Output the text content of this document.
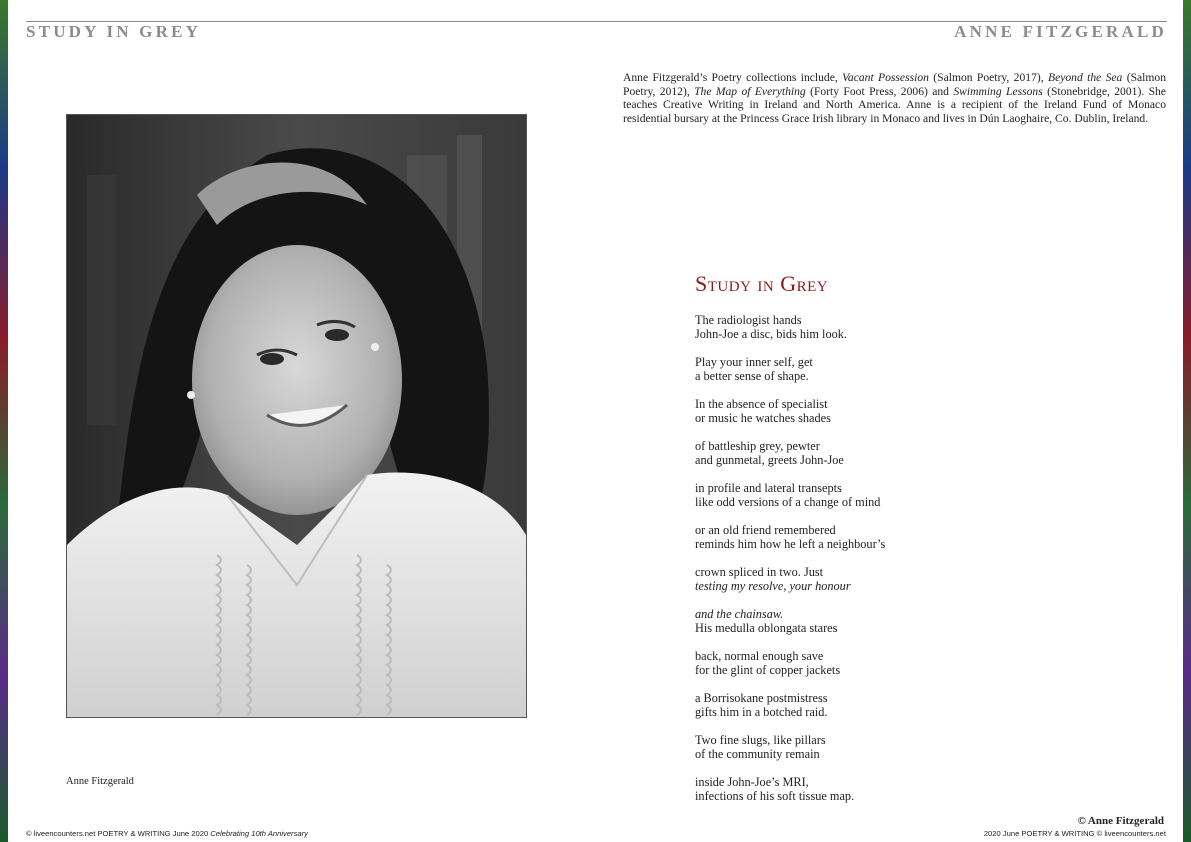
STUDY IN GREY	ANNE FITZGERALD
Anne Fitzgerald’s Poetry collections include, Vacant Possession (Salmon Poetry, 2017), Beyond the Sea (Salmon Poetry, 2012), The Map of Everything (Forty Foot Press, 2006) and Swimming Lessons (Stonebridge, 2001). She teaches Creative Writing in Ireland and North America. Anne is a recipient of the Ireland Fund of Monaco residential bursary at the Princess Grace Irish library in Monaco and lives in Dún Laoghaire, Co. Dublin, Ireland.
Anne Fitzgerald
Study in Grey
The radiologist hands
John-Joe a disc, bids him look.
Play your inner self, get
a better sense of shape.
In the absence of specialist
or music he watches shades
of battleship grey, pewter
and gunmetal, greets John-Joe
in profile and lateral transepts
like odd versions of a change of mind
or an old friend remembered
reminds him how he left a neighbour’s
crown spliced in two. Just
testing my resolve, your honour
and the chainsaw.
His medulla oblongata stares
back, normal enough save
for the glint of copper jackets
a Borrisokane postmistress
gifts him in a botched raid.
Two fine slugs, like pillars
of the community remain
inside John-Joe’s MRI,
infections of his soft tissue map.
© Anne Fitzgerald
© liveencounters.net POETRY & WRITING June 2020 Celebrating 10th Anniversary	2020 June POETRY & WRITING © liveencounters.net
